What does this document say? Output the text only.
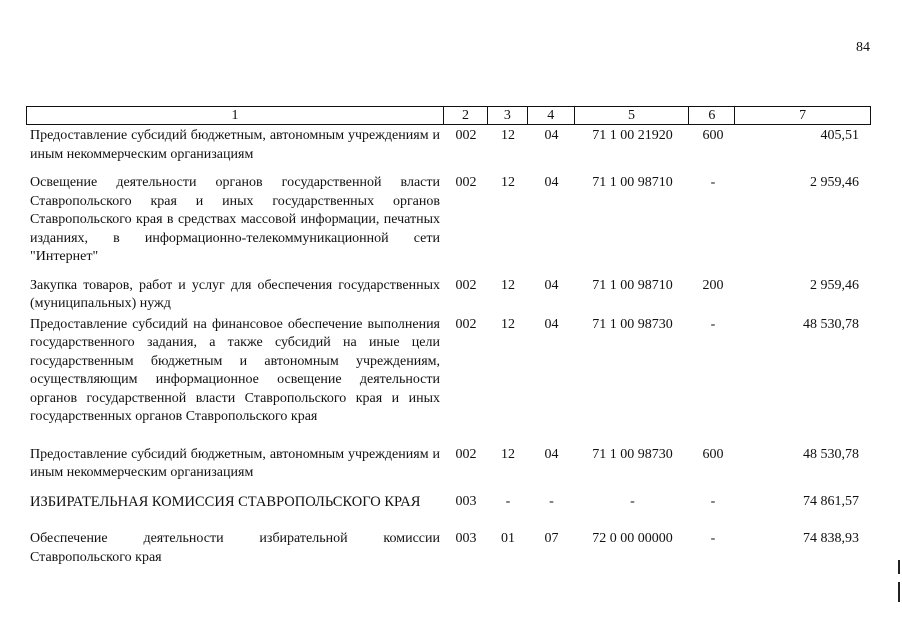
84
1	2	3	4	5	6	7
Предоставление субсидий бюджетным, автономным учреждениям и иным некоммерческим организациям
002	12	04	71 1 00 21920	600	405,51
Освещение деятельности органов государственной власти Ставропольского края и иных государственных органов Ставропольского края в средствах массовой информации, печатных изданиях, в информационно-телекоммуникационной сети "Интернет"
002	12	04	71 1 00 98710	-	2 959,46
Закупка товаров, работ и услуг для обеспечения государственных (муниципальных) нужд
002	12	04	71 1 00 98710	200	2 959,46
Предоставление субсидий на финансовое обеспечение выполнения государственного задания, а также субсидий на иные цели государственным бюджетным и автономным учреждениям, осуществляющим информационное освещение деятельности органов государственной власти Ставропольского края и иных государственных органов Ставропольского края
002	12	04	71 1 00 98730	-	48 530,78
Предоставление субсидий бюджетным, автономным учреждениям и иным некоммерческим организациям
002	12	04	71 1 00 98730	600	48 530,78
ИЗБИРАТЕЛЬНАЯ КОМИССИЯ СТАВРОПОЛЬСКОГО КРАЯ	003	-	-	-	-	74 861,57
Обеспечение деятельности избирательной комиссии Ставропольского края
003	01	07	72 0 00 00000	-	74 838,93
